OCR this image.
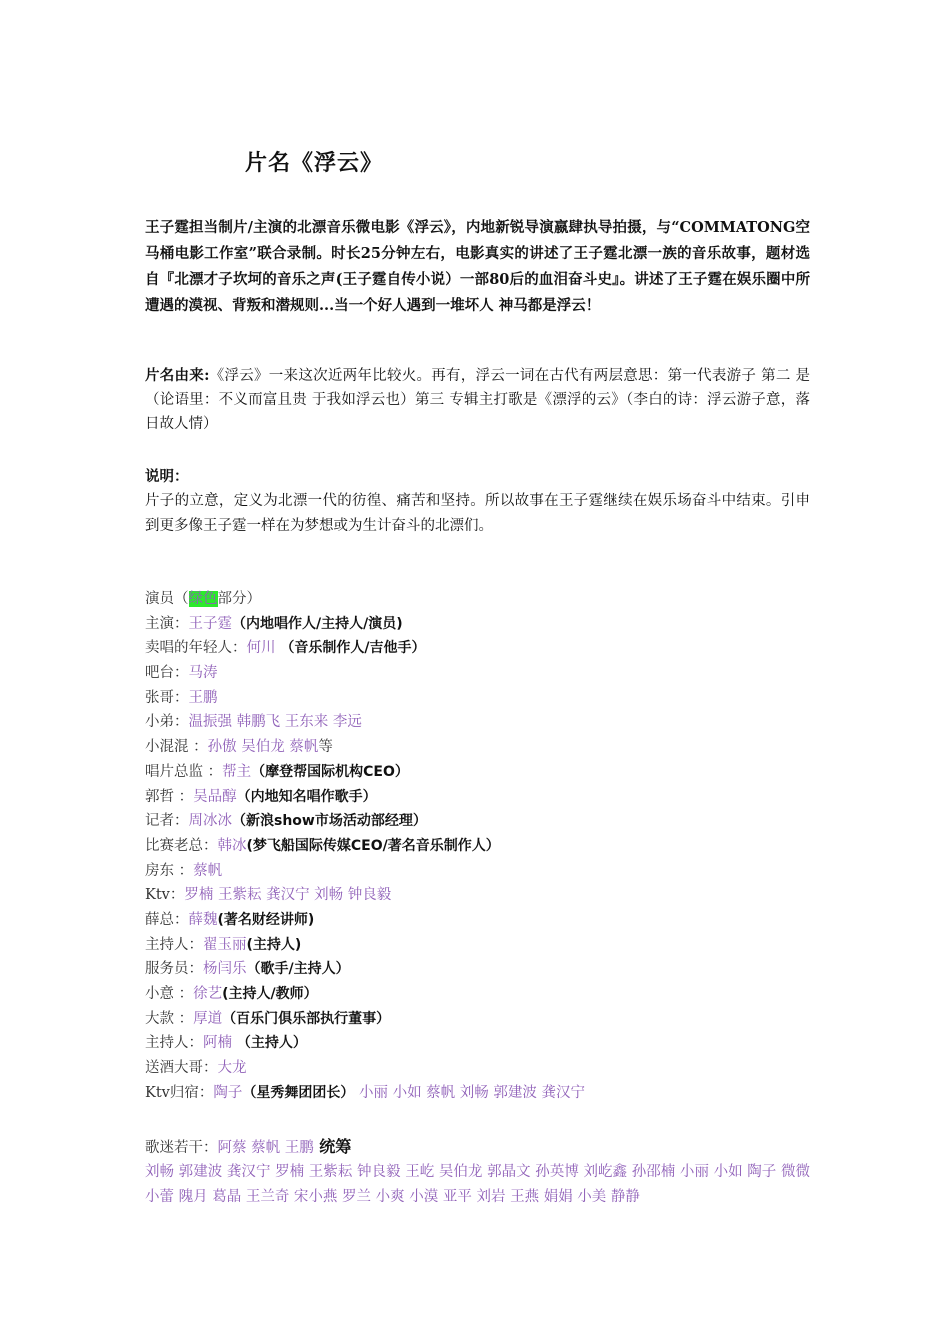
片名《浮云》

王子霆担当制片/主演的北漂音乐微电影《浮云》，内地新锐导演嬴肆执导拍摄，与“COMMATONG空马桶电影工作室”联合录制。时长25分钟左右，电影真实的讲述了王子霆北漂一族的音乐故事，题材选自『北漂才子坎坷的音乐之声(王子霆自传小说）一部80后的血泪奋斗史』。讲述了王子霆在娱乐圈中所遭遇的漠视、背叛和潜规则...当一个好人遇到一堆坏人 神马都是浮云！

片名由来:《浮云》一来这次近两年比较火。再有，浮云一词在古代有两层意思：第一代表游子 第二 是（论语里：不义而富且贵 于我如浮云也）第三 专辑主打歌是《漂浮的云》（李白的诗：浮云游子意，落日故人情）
说明：
片子的立意，定义为北漂一代的彷徨、痛苦和坚持。所以故事在王子霆继续在娱乐场奋斗中结束。引申到更多像王子霆一样在为梦想或为生计奋斗的北漂们。
演员（绿色部分）
主演：王子霆（内地唱作人/主持人/演员)
卖唱的年轻人：何川 （音乐制作人/吉他手）
吧台：马涛
张哥：王鹏
小弟：温振强 韩鹏飞 王东来 李远
小混混 ：孙傲 吴伯龙 蔡帆等
唱片总监 ：帮主（摩登帮国际机构CEO）
郭哲 ：吴品醇（内地知名唱作歌手）
记者：周冰冰（新浪show市场活动部经理）
比赛老总：韩冰(梦飞船国际传媒CEO/著名音乐制作人）
房东 ：蔡帆
Ktv：罗楠 王紫耘 龚汉宁 刘畅 钟良毅
薛总：薛魏(著名财经讲师)
主持人：翟玉丽(主持人)
服务员：杨闫乐（歌手/主持人）
小意 ：徐艺(主持人/教师）
大款 ：厚道（百乐门俱乐部执行董事）
主持人：阿楠 （主持人）
送酒大哥：大龙
Ktv归宿：陶子（星秀舞团团长） 小丽 小如 蔡帆 刘畅 郭建波 龚汉宁
歌迷若干：阿蔡 蔡帆 王鹏 统筹
刘畅 郭建波 龚汉宁 罗楠 王紫耘 钟良毅 王屹 吴伯龙 郭晶文 孙英博 刘屹鑫 孙邵楠 小丽 小如 陶子 微微 小蕾 隗月 葛晶 王兰奇 宋小燕 罗兰 小爽 小漠 亚平 刘岩 王燕 娟娟 小美 静静
